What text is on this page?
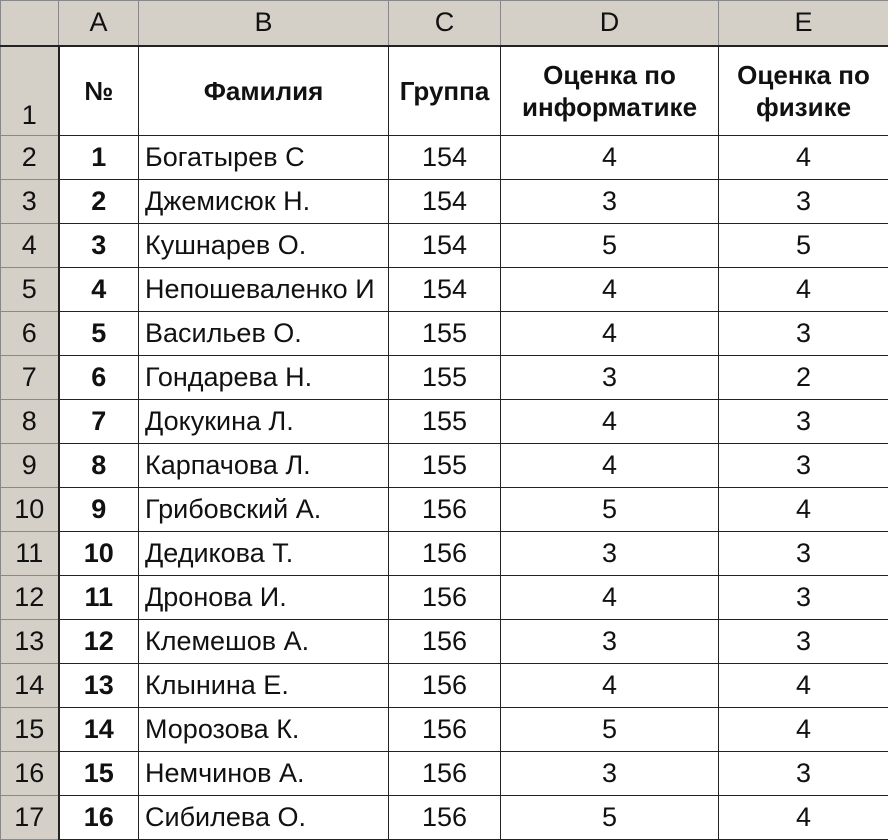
	A	B	C	D	E
1	№	Фамилия	Группа	Оценка по информатике	Оценка по физике
2	1	Богатырев С	154	4	4
3	2	Джемисюк Н.	154	3	3
4	3	Кушнарев О.	154	5	5
5	4	Непошеваленко И	154	4	4
6	5	Васильев О.	155	4	3
7	6	Гондарева Н.	155	3	2
8	7	Докукина Л.	155	4	3
9	8	Карпачова Л.	155	4	3
10	9	Грибовский А.	156	5	4
11	10	Дедикова Т.	156	3	3
12	11	Дронова И.	156	4	3
13	12	Клемешов А.	156	3	3
14	13	Клынина Е.	156	4	4
15	14	Морозова К.	156	5	4
16	15	Немчинов А.	156	3	3
17	16	Сибилева О.	156	5	4
